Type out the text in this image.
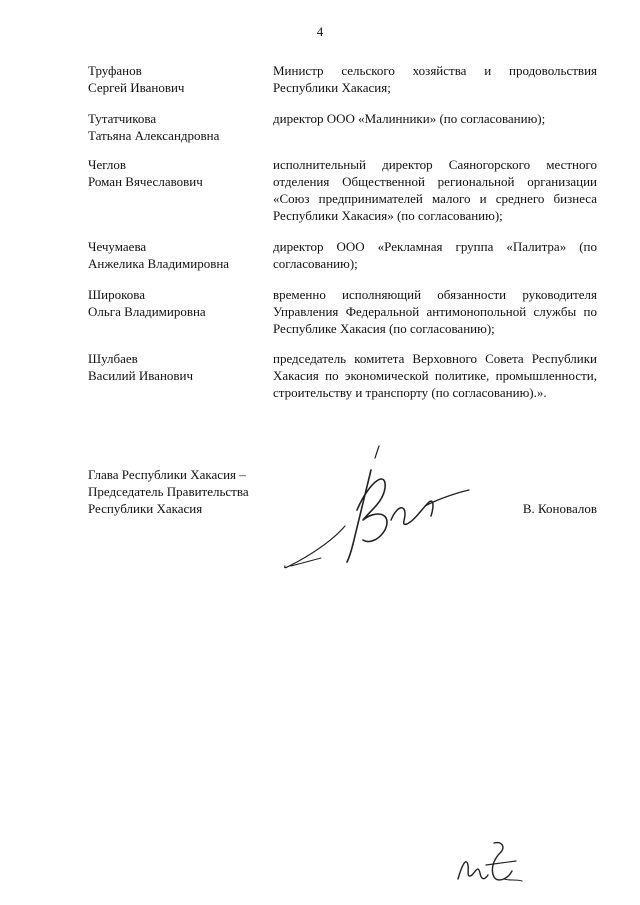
4
Труфанов
Сергей Иванович
Министр сельского хозяйства и продовольствия Республики Хакасия;
Тутатчикова
Татьяна Александровна
директор ООО «Малинники» (по согласованию);
Чеглов
Роман Вячеславович
исполнительный директор Саяногорского местного отделения Общественной региональной организации «Союз предпринимателей малого и среднего бизнеса Республики Хакасия» (по согласованию);
Чечумаева
Анжелика Владимировна
директор ООО «Рекламная группа «Палитра» (по согласованию);
Широкова
Ольга Владимировна
временно исполняющий обязанности руководителя Управления Федеральной антимонопольной службы по Республике Хакасия (по согласованию);
Шулбаев
Василий Иванович
председатель комитета Верховного Совета Республики Хакасия по экономической политике, промышленности, строительству и транспорту (по согласованию).».
Глава Республики Хакасия –
Председатель Правительства
Республики Хакасия	В. Коновалов
